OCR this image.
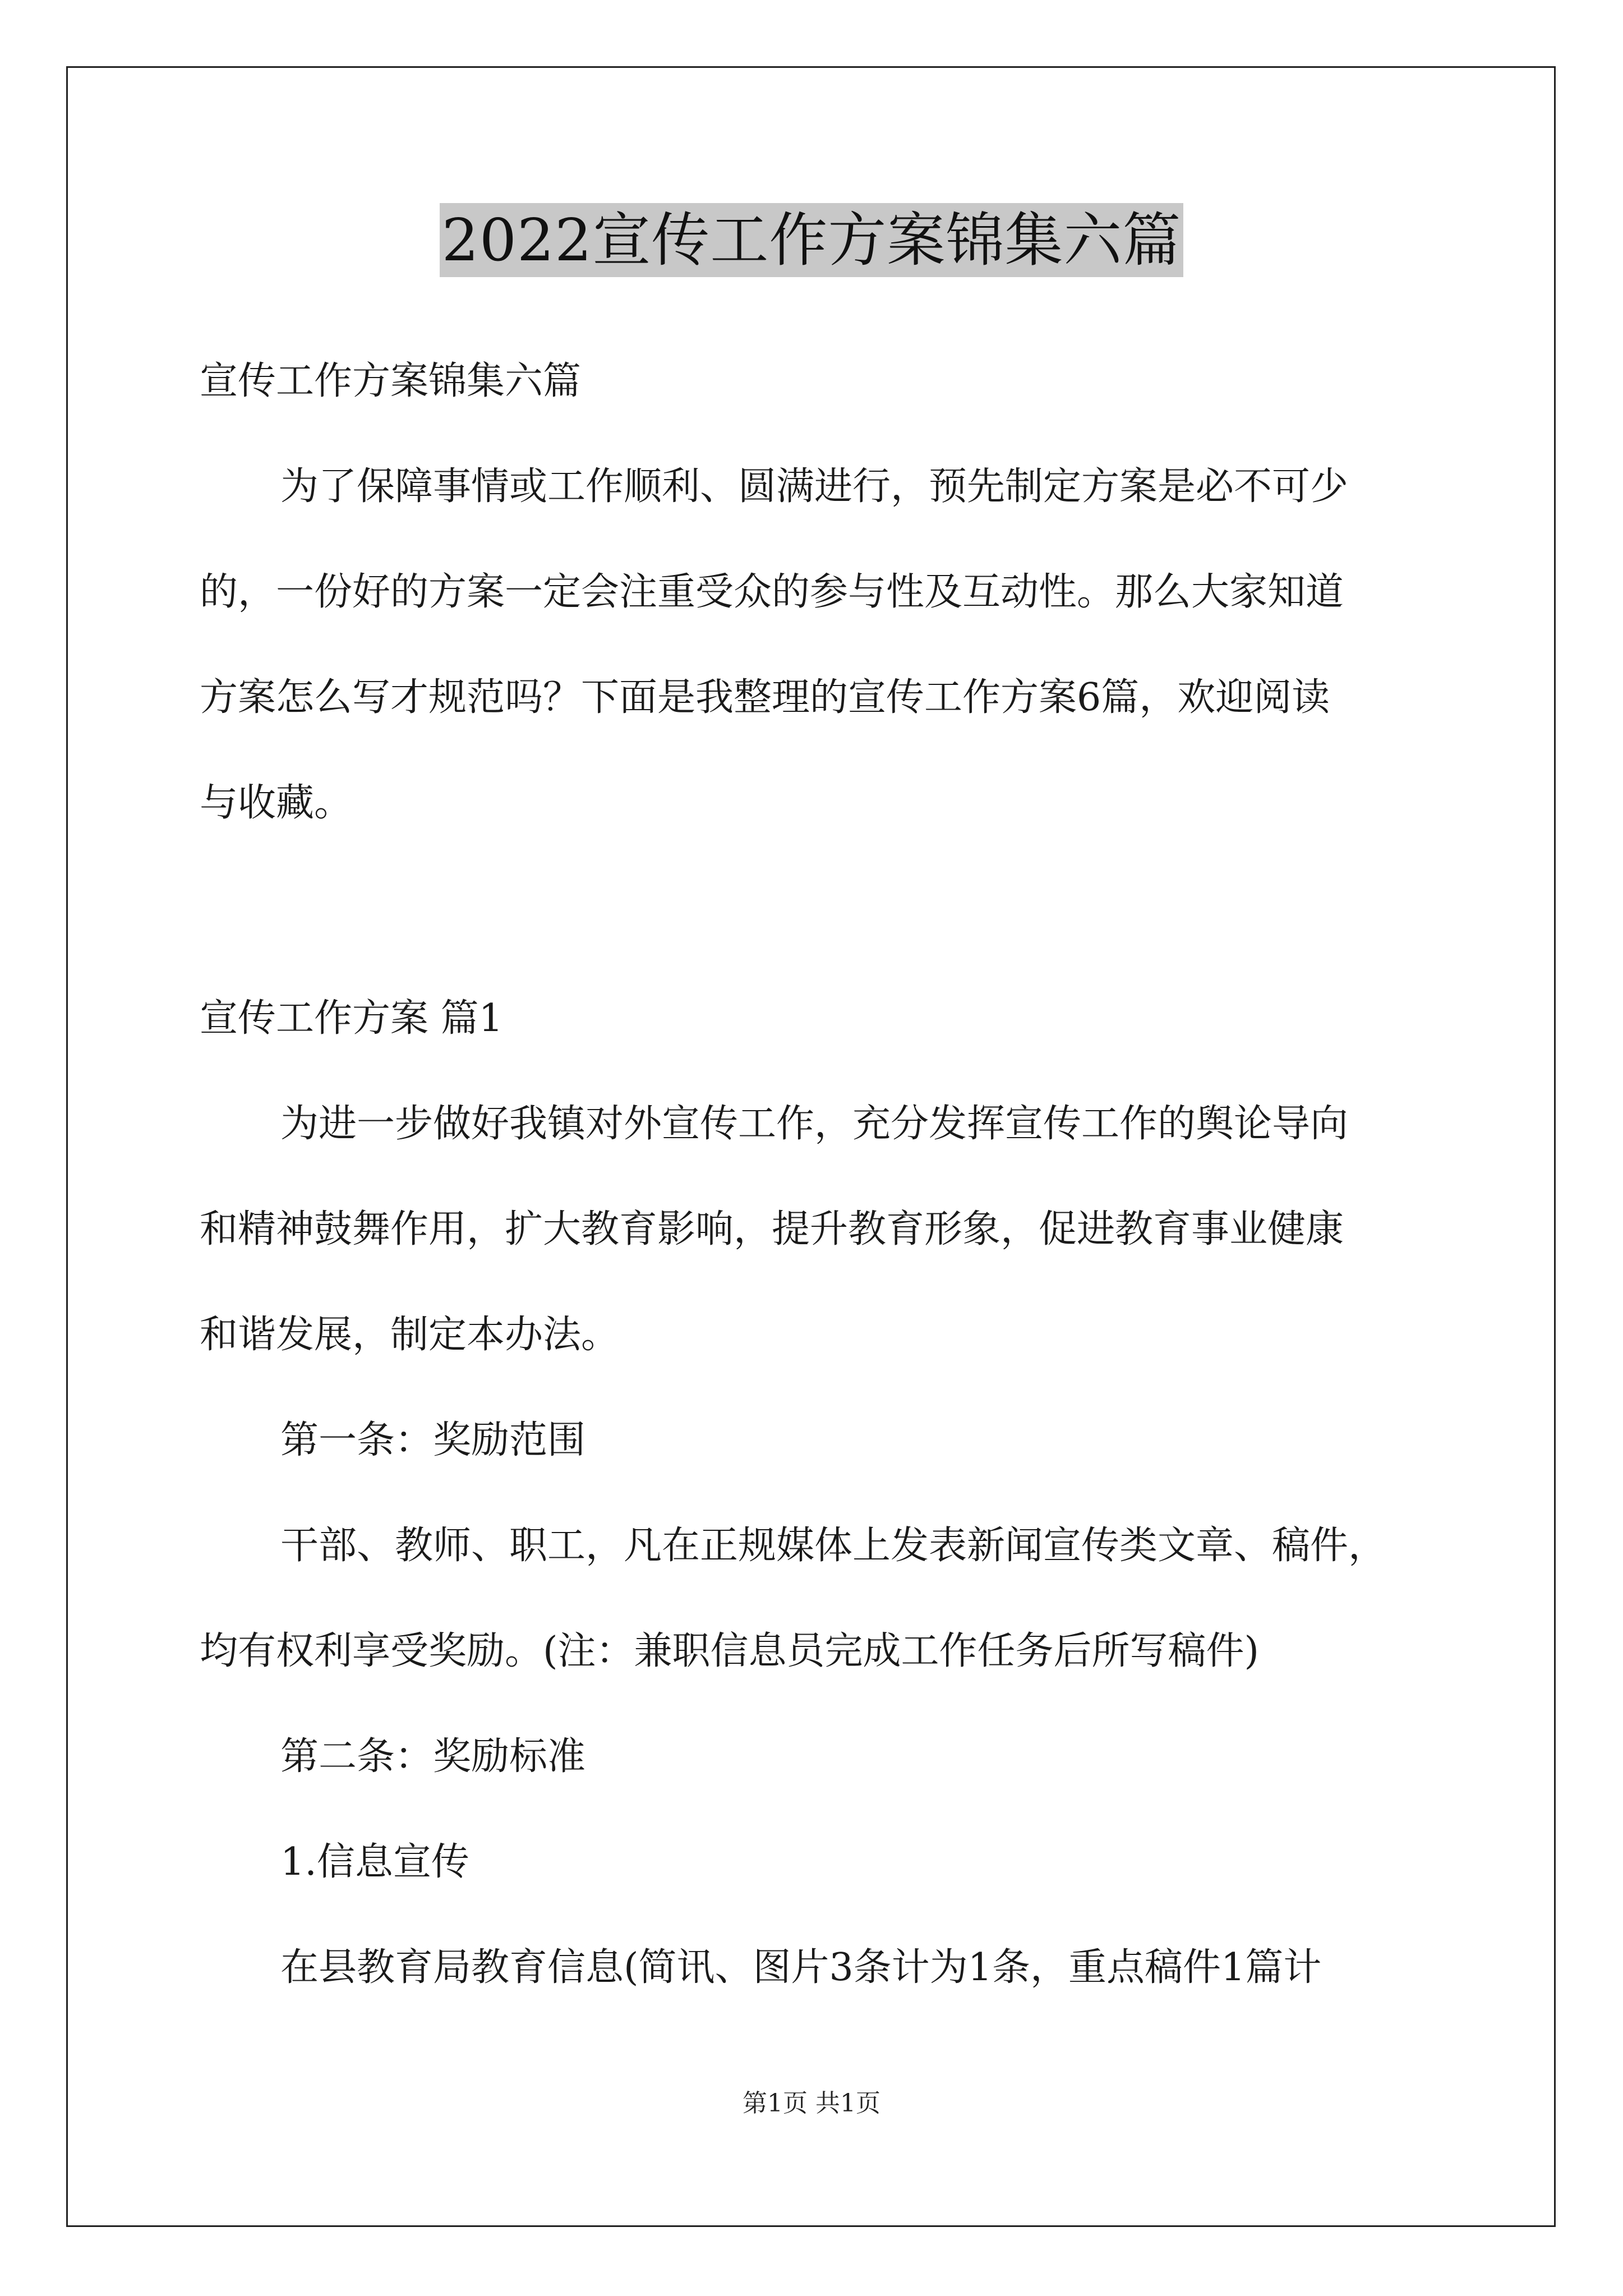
2022宣传工作方案锦集六篇
宣传工作方案锦集六篇
为了保障事情或工作顺利、圆满进行，预先制定方案是必不可少
的，一份好的方案一定会注重受众的参与性及互动性。那么大家知道
方案怎么写才规范吗？下面是我整理的宣传工作方案6篇，欢迎阅读
与收藏。
宣传工作方案 篇1
为进一步做好我镇对外宣传工作，充分发挥宣传工作的舆论导向
和精神鼓舞作用，扩大教育影响，提升教育形象，促进教育事业健康
和谐发展，制定本办法。
第一条：奖励范围
干部、教师、职工，凡在正规媒体上发表新闻宣传类文章、稿件，
均有权利享受奖励。(注：兼职信息员完成工作任务后所写稿件)
第二条：奖励标准
1.信息宣传
在县教育局教育信息(简讯、图片3条计为1条，重点稿件1篇计
第1页 共1页
